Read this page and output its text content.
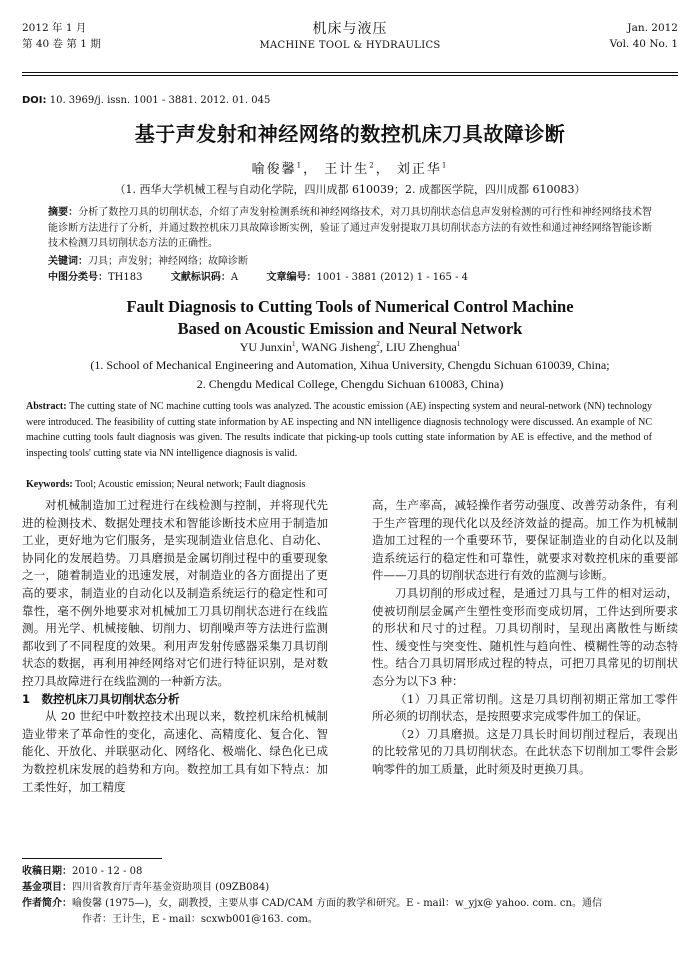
2012 年 1 月
第 40 卷 第 1 期
机床与液压
MACHINE TOOL & HYDRAULICS
Jan. 2012
Vol. 40 No. 1
DOI: 10. 3969/j. issn. 1001 - 3881. 2012. 01. 045
基于声发射和神经网络的数控机床刀具故障诊断
喻俊馨$^1$， 王计生$^2$， 刘正华$^1$
（1. 西华大学机械工程与自动化学院，四川成都 610039；2. 成都医学院，四川成都 610083）
摘要：分析了数控刀具的切削状态，介绍了声发射检测系统和神经网络技术，对刀具切削状态信息声发射检测的可行性和神经网络技术智能诊断方法进行了分析，并通过数控机床刀具故障诊断实例，验证了通过声发射提取刀具切削状态方法的有效性和通过神经网络智能诊断技术检测刀具切削状态方法的正确性。
关键词：刀具；声发射；神经网络；故障诊断
中图分类号：TH183	文献标识码：A	文章编号：1001 - 3881 (2012) 1 - 165 - 4
Fault Diagnosis to Cutting Tools of Numerical Control Machine
Based on Acoustic Emission and Neural Network
YU Junxin$^1$, WANG Jisheng$^2$, LIU Zhenghua$^1$
(1. School of Mechanical Engineering and Automation, Xihua University, Chengdu Sichuan 610039, China;
2. Chengdu Medical College, Chengdu Sichuan 610083, China)
Abstract: The cutting state of NC machine cutting tools was analyzed. The acoustic emission (AE) inspecting system and neural-network (NN) technology were introduced. The feasibility of cutting state information by AE inspecting and NN intelligence diagnosis technology were discussed. An example of NC machine cutting tools fault diagnosis was given. The results indicate that picking-up tools cutting state information by AE is effective, and the method of inspecting tools' cutting state via NN intelligence diagnosis is valid.
Keywords: Tool; Acoustic emission; Neural network; Fault diagnosis

对机械制造加工过程进行在线检测与控制，并将现代先进的检测技术、数据处理技术和智能诊断技术应用于制造加工业，更好地为它们服务，是实现制造业信息化、自动化、协同化的发展趋势。刀具磨损是金属切削过程中的重要现象之一，随着制造业的迅速发展，对制造业的各方面提出了更高的要求，制造业的自动化以及制造系统运行的稳定性和可靠性，毫不例外地要求对机械加工刀具切削状态进行在线监测。用光学、机械接触、切削力、切削噪声等方法进行监测都收到了不同程度的效果。利用声发射传感器采集刀具切削状态的数据，再利用神经网络对它们进行特征识别，是对数控刀具故障进行在线监测的一种新方法。

1　数控机床刀具切削状态分析

从 20 世纪中叶数控技术出现以来，数控机床给机械制造业带来了革命性的变化，高速化、高精度化、复合化、智能化、开放化、并联驱动化、网络化、极端化、绿色化已成为数控机床发展的趋势和方向。数控加工具有如下特点：加工柔性好，加工精度

高，生产率高，减轻操作者劳动强度、改善劳动条件，有利于生产管理的现代化以及经济效益的提高。加工作为机械制造加工过程的一个重要环节，要保证制造业的自动化以及制造系统运行的稳定性和可靠性，就要求对数控机床的重要部件——刀具的切削状态进行有效的监测与诊断。

刀具切削的形成过程，是通过刀具与工件的相对运动，使被切削层金属产生塑性变形而变成切屑，工件达到所要求的形状和尺寸的过程。刀具切削时，呈现出离散性与断续性、缓变性与突变性、随机性与趋向性、模糊性等的动态特性。结合刀具切屑形成过程的特点，可把刀具常见的切削状态分为以下3 种：

（1）刀具正常切削。这是刀具切削初期正常加工零件所必须的切削状态，是按照要求完成零件加工的保证。

（2）刀具磨损。这是刀具长时间切削过程后，表现出的比较常见的刀具切削状态。在此状态下切削加工零件会影响零件的加工质量，此时须及时更换刀具。

收稿日期：2010 - 12 - 08
基金项目：四川省教育厅青年基金资助项目 (09ZB084)
作者简介：喻俊馨 (1975—)，女，副教授，主要从事 CAD/CAM 方面的教学和研究。E - mail：w_yjx@ yahoo. com. cn。通信
作者：王计生，E - mail：scxwb001@163. com。
